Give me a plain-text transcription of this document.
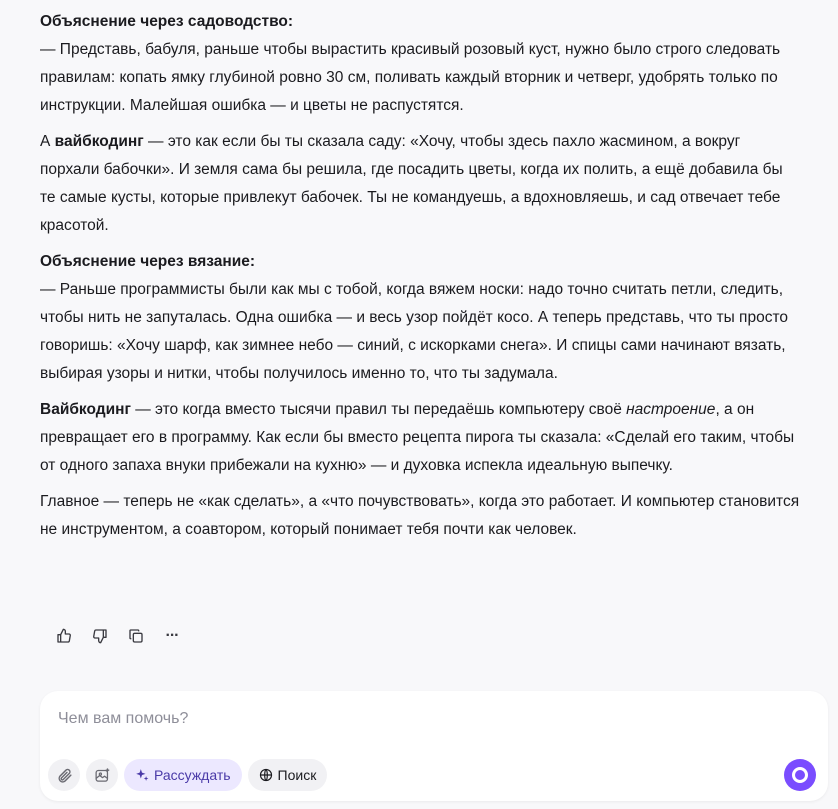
Объяснение через садоводство:
— Представь, бабуля, раньше чтобы вырастить красивый розовый куст, нужно было строго следовать правилам: копать ямку глубиной ровно 30 см, поливать каждый вторник и четверг, удобрять только по инструкции. Малейшая ошибка — и цветы не распустятся.

А вайбкодинг — это как если бы ты сказала саду: «Хочу, чтобы здесь пахло жасмином, а вокруг порхали бабочки». И земля сама бы решила, где посадить цветы, когда их полить, а ещё добавила бы те самые кусты, которые привлекут бабочек. Ты не командуешь, а вдохновляешь, и сад отвечает тебе красотой.

Объяснение через вязание:
— Раньше программисты были как мы с тобой, когда вяжем носки: надо точно считать петли, следить, чтобы нить не запуталась. Одна ошибка — и весь узор пойдёт косо. А теперь представь, что ты просто говоришь: «Хочу шарф, как зимнее небо — синий, с искорками снега». И спицы сами начинают вязать, выбирая узоры и нитки, чтобы получилось именно то, что ты задумала.

Вайбкодинг — это когда вместо тысячи правил ты передаёшь компьютеру своё настроение, а он превращает его в программу. Как если бы вместо рецепта пирога ты сказала: «Сделай его таким, чтобы от одного запаха внуки прибежали на кухню» — и духовка испекла идеальную выпечку.

Главное — теперь не «как сделать», а «что почувствовать», когда это работает. И компьютер становится не инструментом, а соавтором, который понимает тебя почти как человек.

···
Чем вам помочь?
Рассуждать	Поиск
